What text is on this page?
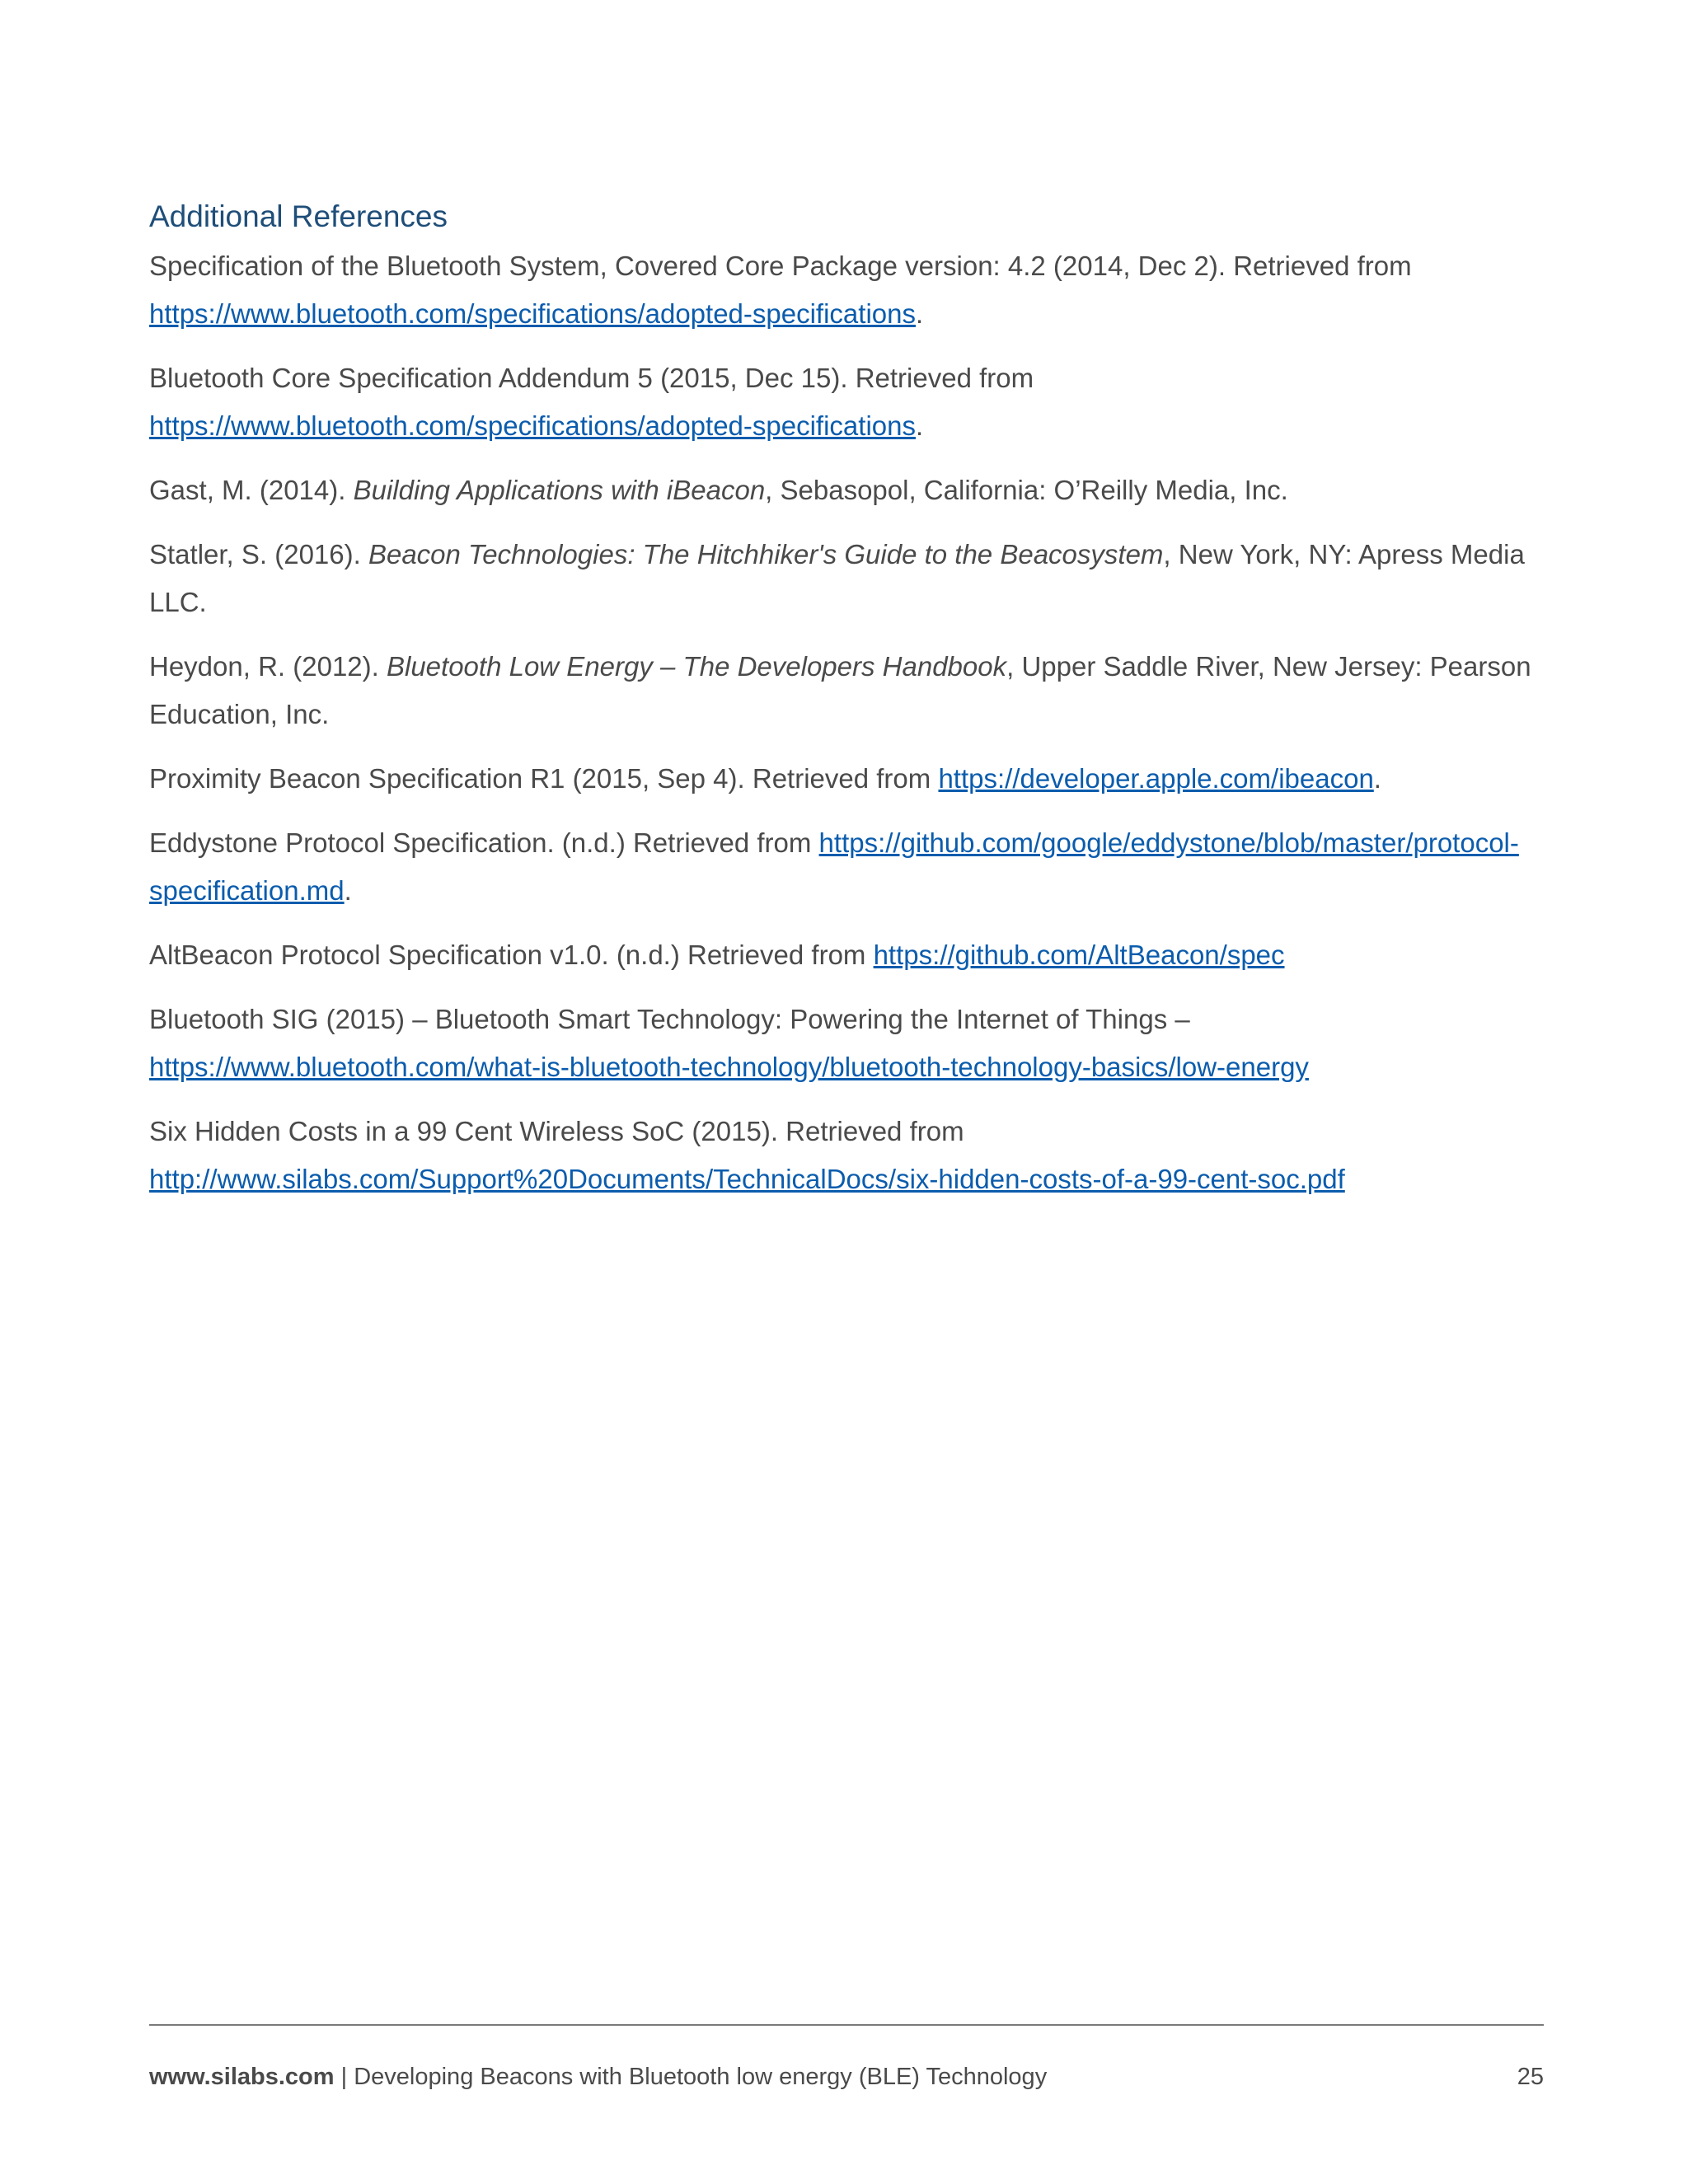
Additional References

Specification of the Bluetooth System, Covered Core Package version: 4.2 (2014, Dec 2). Retrieved from
https://www.bluetooth.com/specifications/adopted-specifications.

Bluetooth Core Specification Addendum 5 (2015, Dec 15). Retrieved from
https://www.bluetooth.com/specifications/adopted-specifications.

Gast, M. (2014). Building Applications with iBeacon, Sebasopol, California: O’Reilly Media, Inc.

Statler, S. (2016). Beacon Technologies: The Hitchhiker's Guide to the Beacosystem, New York, NY: Apress Media LLC.

Heydon, R. (2012). Bluetooth Low Energy – The Developers Handbook, Upper Saddle River, New Jersey: Pearson Education, Inc.

Proximity Beacon Specification R1 (2015, Sep 4). Retrieved from https://developer.apple.com/ibeacon.

Eddystone Protocol Specification. (n.d.) Retrieved from https://github.com/google/eddystone/blob/master/protocol-specification.md.

AltBeacon Protocol Specification v1.0. (n.d.) Retrieved from https://github.com/AltBeacon/spec

Bluetooth SIG (2015) – Bluetooth Smart Technology: Powering the Internet of Things –
https://www.bluetooth.com/what-is-bluetooth-technology/bluetooth-technology-basics/low-energy

Six Hidden Costs in a 99 Cent Wireless SoC (2015). Retrieved from
http://www.silabs.com/Support%20Documents/TechnicalDocs/six-hidden-costs-of-a-99-cent-soc.pdf

www.silabs.com | Developing Beacons with Bluetooth low energy (BLE) Technology	25
